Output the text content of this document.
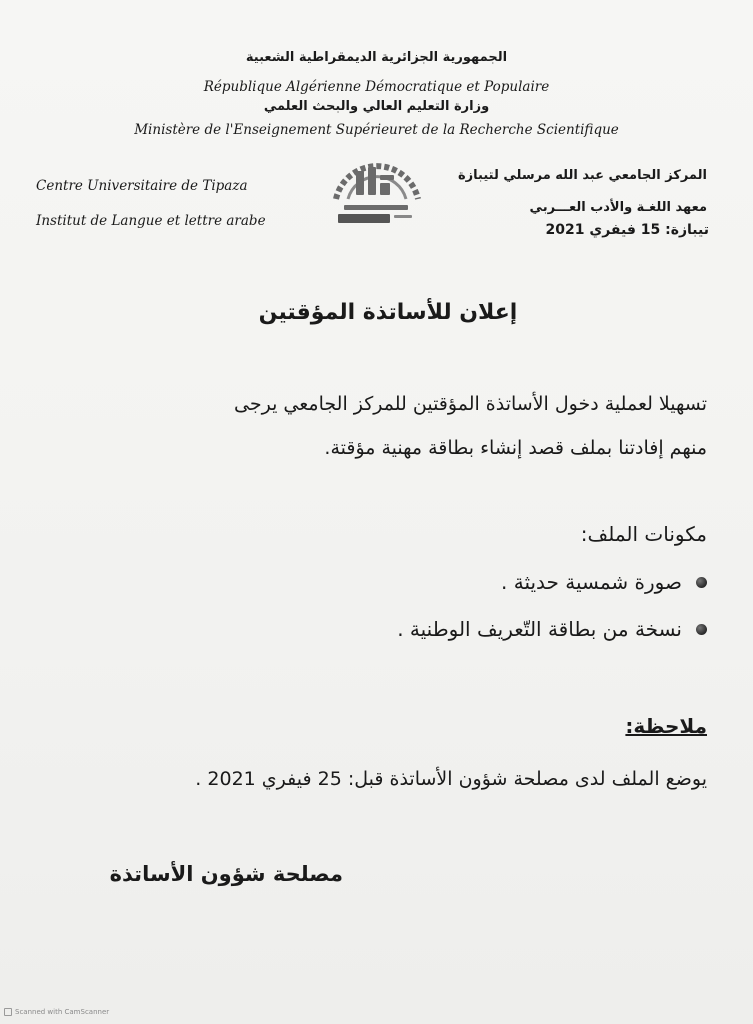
الجمهورية الجزائرية الديمقراطية الشعبية
République Algérienne Démocratique et Populaire
وزارة التعليم العالي والبحث العلمي
Ministère de l'Enseignement Supérieuret de la Recherche Scientifique
Centre Universitaire de Tipaza
Institut de Langue et lettre arabe
المركز الجامعي عبد الله مرسلي لتيبازة
معهد اللغـة والأدب العـــربي
تيبازة: 15 فيفري 2021
إعلان للأساتذة المؤقتين
تسهيلا لعملية دخول الأساتذة المؤقتين للمركز الجامعي يرجى
منهم إفادتنا بملف قصد إنشاء بطاقة مهنية مؤقتة.
مكونات الملف:
صورة شمسية حديثة .
نسخة من بطاقة التّعريف الوطنية .
ملاحظة:
يوضع الملف لدى مصلحة شؤون الأساتذة قبل: 25 فيفري 2021 .
مصلحة شؤون الأساتذة
Scanned with CamScanner
